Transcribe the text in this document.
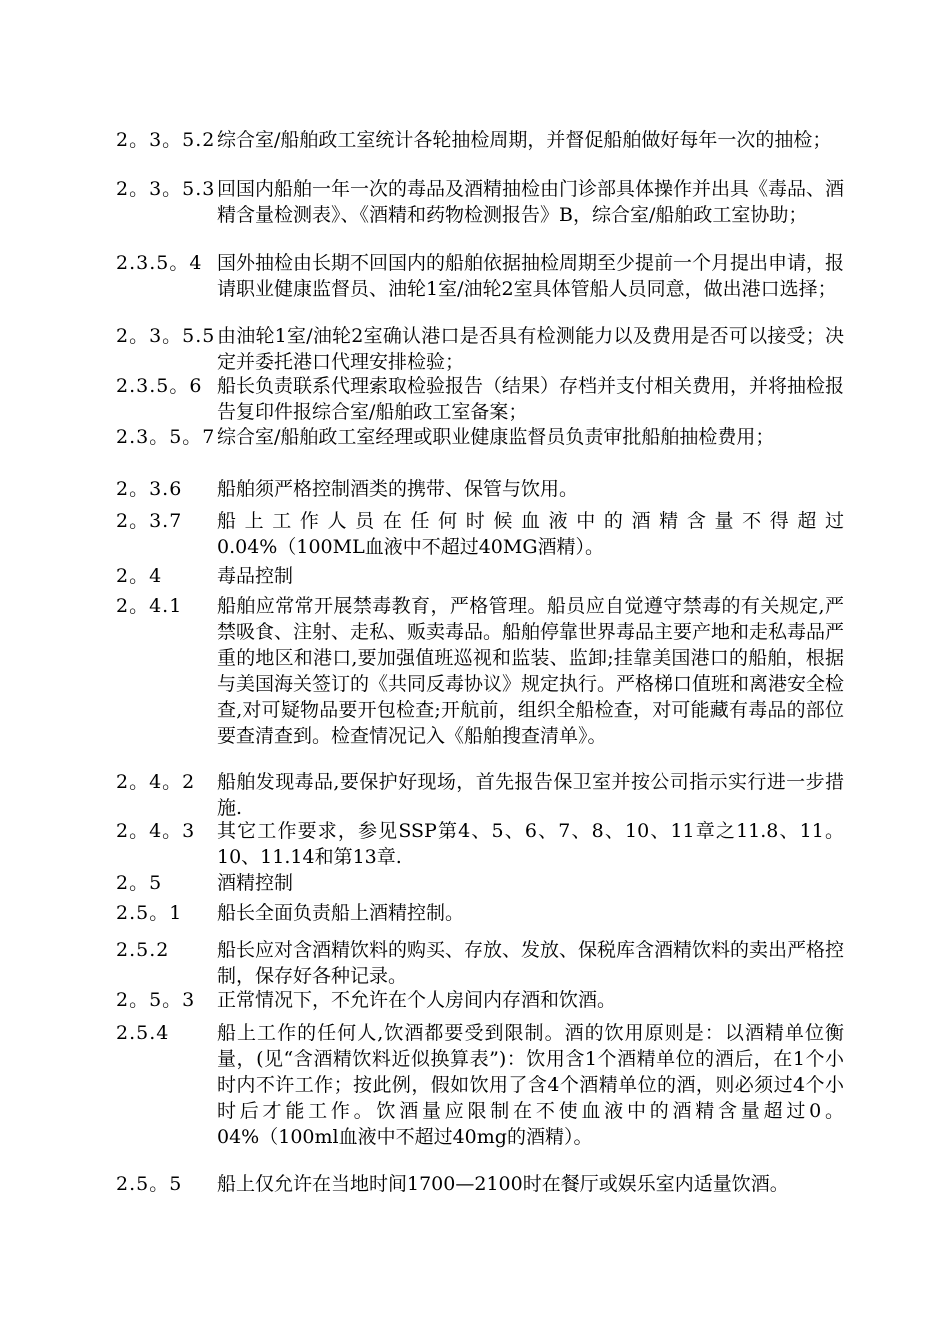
2。3。5.2 综合室/船舶政工室统计各轮抽检周期，并督促船舶做好每年一次的抽检；
2。3。5.3 回国内船舶一年一次的毒品及酒精抽检由门诊部具体操作并出具《毒品、酒精含量检测表》、《酒精和药物检测报告》B，综合室/船舶政工室协助；
2.3.5。4 国外抽检由长期不回国内的船舶依据抽检周期至少提前一个月提出申请，报请职业健康监督员、油轮1室/油轮2室具体管船人员同意，做出港口选择；
2。3。5.5 由油轮1室/油轮2室确认港口是否具有检测能力以及费用是否可以接受；决定并委托港口代理安排检验；
2.3.5。6 船长负责联系代理索取检验报告（结果）存档并支付相关费用，并将抽检报告复印件报综合室/船舶政工室备案；
2.3。5。7 综合室/船舶政工室经理或职业健康监督员负责审批船舶抽检费用；
2。3.6	船舶须严格控制酒类的携带、保管与饮用。
2。3.7	船 上 工 作 人 员 在 任 何 时 候 血 液 中 的 酒 精 含 量 不 得 超 过0.04%（100ML血液中不超过40MG酒精）。
2。4	毒品控制
2。4.1	船舶应常常开展禁毒教育，严格管理。船员应自觉遵守禁毒的有关规定,严禁吸食、注射、走私、贩卖毒品。船舶停靠世界毒品主要产地和走私毒品严重的地区和港口,要加强值班巡视和监装、监卸;挂靠美国港口的船舶，根据与美国海关签订的《共同反毒协议》规定执行。严格梯口值班和离港安全检查,对可疑物品要开包检查;开航前，组织全船检查，对可能藏有毒品的部位要查清查到。检查情况记入《船舶搜查清单》。
2。4。2	船舶发现毒品,要保护好现场，首先报告保卫室并按公司指示实行进一步措施.
2。4。3	其它工作要求，参见SSP第4、5、6、7、8、10、11章之11.8、11。10、11.14和第13章.
2。5	酒精控制
2.5。1	船长全面负责船上酒精控制。
2.5.2	船长应对含酒精饮料的购买、存放、发放、保税库含酒精饮料的卖出严格控制，保存好各种记录。
2。5。3	正常情况下，不允许在个人房间内存酒和饮酒。
2.5.4	船上工作的任何人,饮酒都要受到限制。酒的饮用原则是：以酒精单位衡量，(见“含酒精饮料近似换算表”)：饮用含1个酒精单位的酒后，在1个小时内不许工作；按此例，假如饮用了含4个酒精单位的酒，则必须过4个小时后才能工作。饮酒量应限制在不使血液中的酒精含量超过0。04%（100ml血液中不超过40mg的酒精）。
2.5。5	船上仅允许在当地时间1700—2100时在餐厅或娱乐室内适量饮酒。
